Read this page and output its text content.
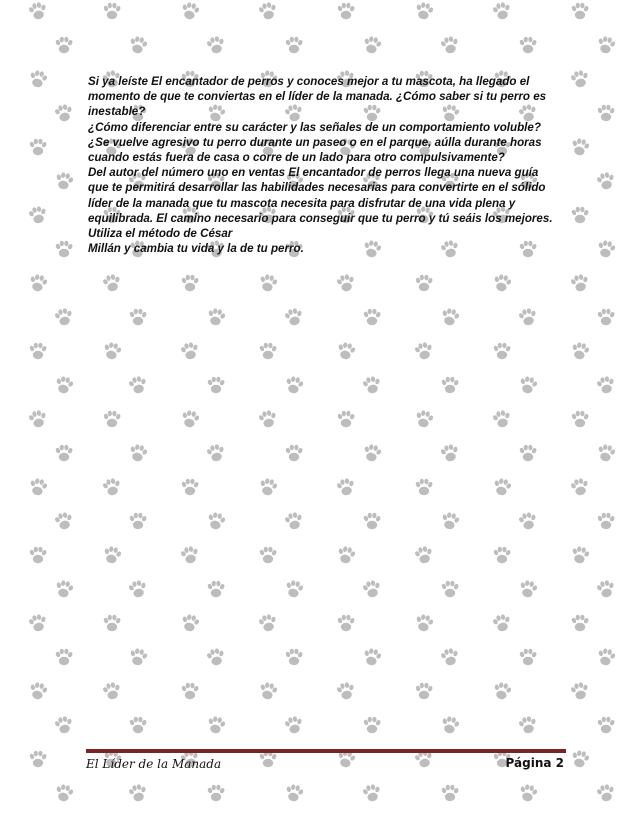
Si ya leíste El encantador de perros y conoces mejor a tu mascota, ha llegado el momento de que te conviertas en el líder de la manada. ¿Cómo saber si tu perro es inestable?

¿Cómo diferenciar entre su carácter y las señales de un comportamiento voluble? ¿Se vuelve agresivo tu perro durante un paseo o en el parque, aúlla durante horas cuando estás fuera de casa o corre de un lado para otro compulsivamente?

Del autor del número uno en ventas El encantador de perros llega una nueva guía que te permitirá desarrollar las habilidades necesarias para convertirte en el sólido líder de la manada que tu mascota necesita para disfrutar de una vida plena y equilibrada. El camino necesario para conseguir que tu perro y tú seáis los mejores. Utiliza el método de César

Millán y cambia tu vida y la de tu perro.

El Líder de la Manada	Página 2
